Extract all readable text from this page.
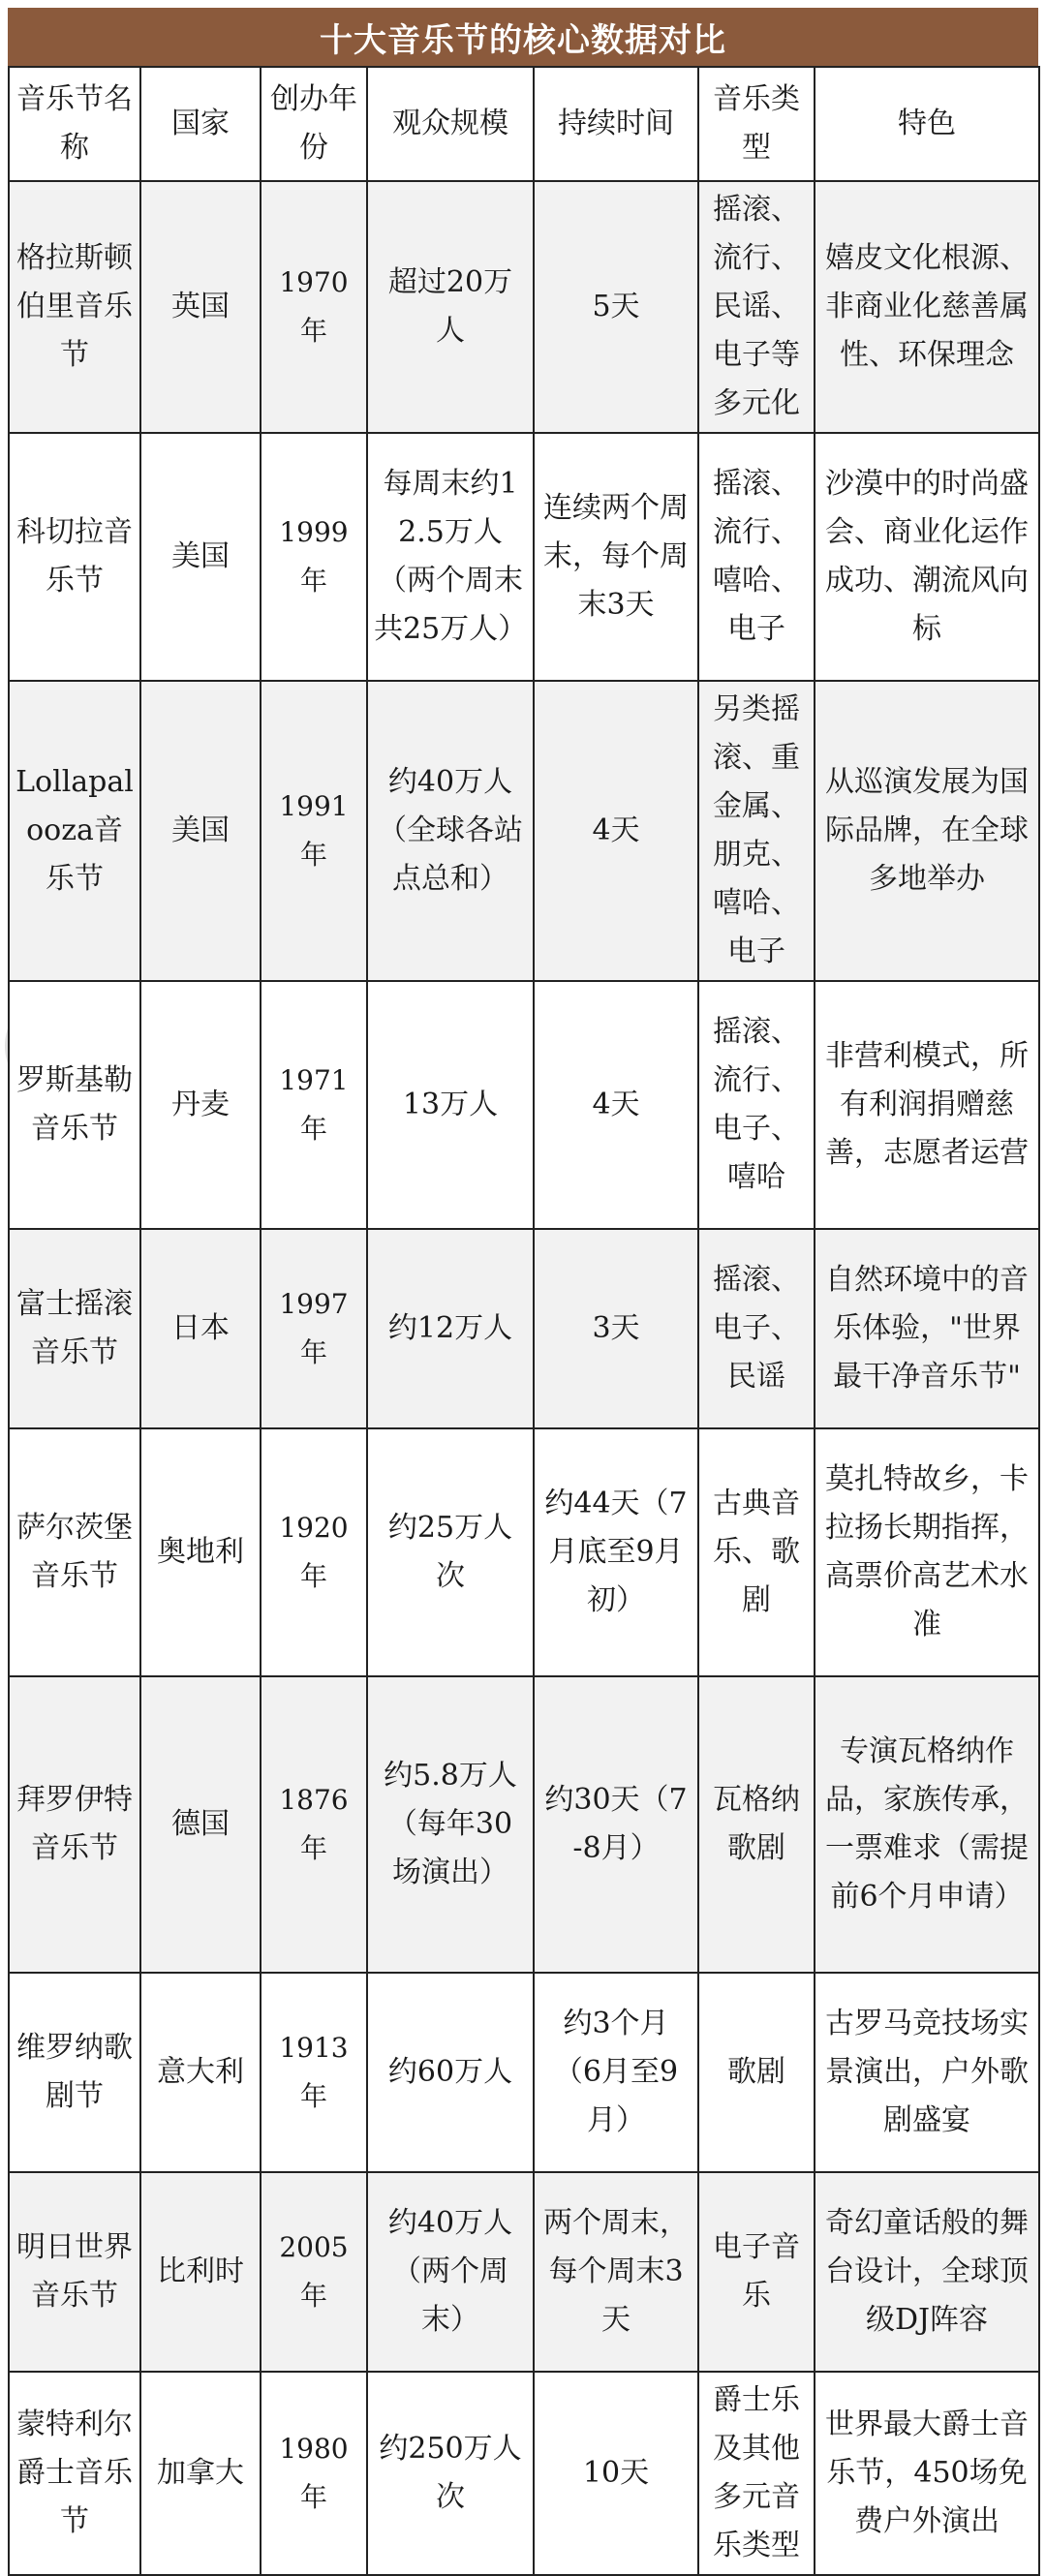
十大音乐节的核心数据对比
音乐节名称	国家	创办年份	观众规模	持续时间	音乐类型	特色
格拉斯顿伯里音乐节	英国	1970年	超过20万人	5天	摇滚、流行、民谣、电子等多元化	嬉皮文化根源、非商业化慈善属性、环保理念
科切拉音乐节	美国	1999年	每周末约12.5万人（两个周末共25万人）	连续两个周末，每个周末3天	摇滚、流行、嘻哈、电子	沙漠中的时尚盛会、商业化运作成功、潮流风向标
Lollapalooza音乐节	美国	1991年	约40万人（全球各站点总和）	4天	另类摇滚、重金属、朋克、嘻哈、电子	从巡演发展为国际品牌，在全球多地举办
罗斯基勒音乐节	丹麦	1971年	13万人	4天	摇滚、流行、电子、嘻哈	非营利模式，所有利润捐赠慈善，志愿者运营
富士摇滚音乐节	日本	1997年	约12万人	3天	摇滚、电子、民谣	自然环境中的音乐体验，"世界最干净音乐节"
萨尔茨堡音乐节	奥地利	1920年	约25万人次	约44天（7月底至9月初）	古典音乐、歌剧	莫扎特故乡，卡拉扬长期指挥，高票价高艺术水准
拜罗伊特音乐节	德国	1876年	约5.8万人（每年30场演出）	约30天（7-8月）	瓦格纳歌剧	专演瓦格纳作品，家族传承，一票难求（需提前6个月申请）
维罗纳歌剧节	意大利	1913年	约60万人	约3个月（6月至9月）	歌剧	古罗马竞技场实景演出，户外歌剧盛宴
明日世界音乐节	比利时	2005年	约40万人（两个周末）	两个周末，每个周末3天	电子音乐	奇幻童话般的舞台设计，全球顶级DJ阵容
蒙特利尔爵士音乐节	加拿大	1980年	约250万人次	10天	爵士乐及其他多元音乐类型	世界最大爵士音乐节，450场免费户外演出
